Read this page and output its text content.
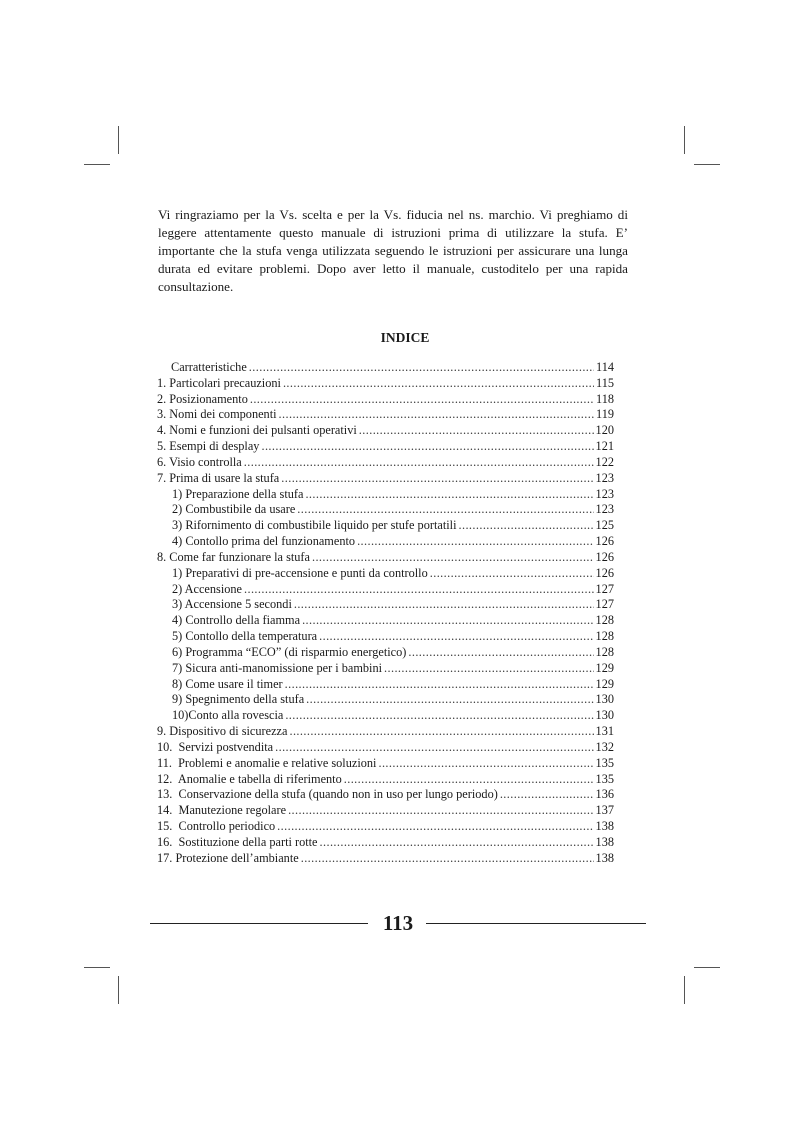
Vi ringraziamo per la Vs. scelta e per la Vs. fiducia nel ns. marchio. Vi preghiamo di leggere attentamente questo manuale di istruzioni prima di utilizzare la stufa. E’ importante che la stufa venga utilizzata seguendo le istruzioni per assicurare una lunga durata ed evitare problemi. Dopo aver letto il manuale, custoditelo per una rapida consultazione.

INDICE
Carratteristiche .....	114
1. Particolari precauzioni .....	115
2. Posizionamento .....	118
3. Nomi dei componenti .....	119
4. Nomi e funzioni dei pulsanti operativi .....	120
5. Esempi di desplay .....	121
6. Visio controlla .....	122
7. Prima di usare la stufa .....	123
1) Preparazione della stufa .....	123
2) Combustibile da usare .....	123
3) Rifornimento di combustibile liquido per stufe portatili .....	125
4) Contollo prima del funzionamento .....	126
8. Come far funzionare la stufa .....	126
1) Preparativi di pre-accensione e punti da controllo .....	126
2) Accensione .....	127
3) Accensione 5 secondi .....	127
4) Controllo della fiamma .....	128
5) Contollo della temperatura .....	128
6) Programma “ECO” (di risparmio energetico) .....	128
7) Sicura anti-manomissione per i bambini .....	129
8) Come usare il timer .....	129
9) Spegnimento della stufa .....	130
10)Conto alla rovescia .....	130
9. Dispositivo di sicurezza .....	131
10.  Servizi postvendita .....	132
11.  Problemi e anomalie e relative soluzioni .....	135
12.  Anomalie e tabella di riferimento .....	135
13.  Conservazione della stufa (quando non in uso per lungo periodo) .....	136
14.  Manutezione regolare .....	137
15.  Controllo periodico .....	138
16.  Sostituzione della parti rotte .....	138
17. Protezione dell’ambiante .....	138
113
